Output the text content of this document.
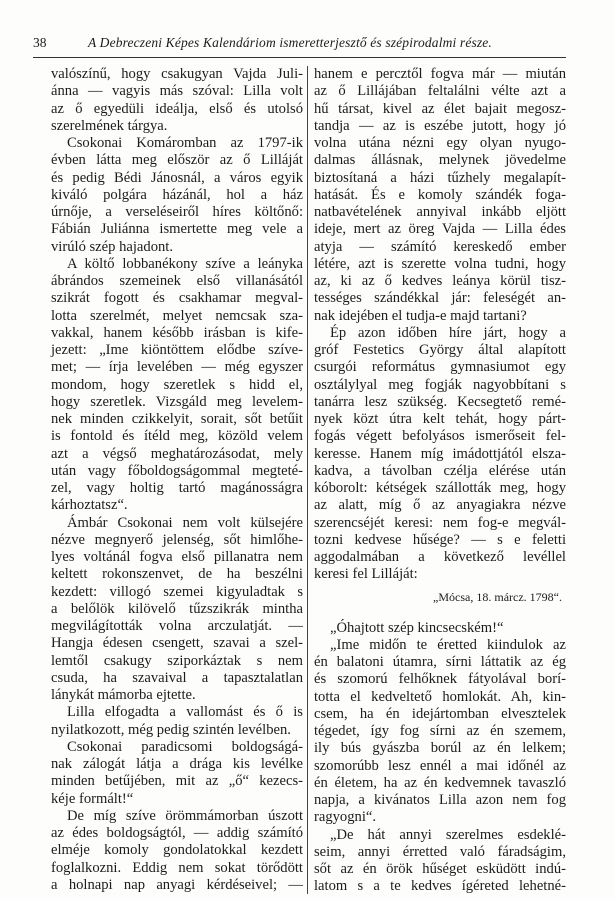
38	A Debreczeni Képes Kalendáriom ismeretterjesztő és szépirodalmi része.
valószínű, hogy csakugyan Vajda Juli-
ánna — vagyis más szóval: Lilla volt
az ő egyedüli ideálja, első és utolsó
szerelmének tárgya.
Csokonai Komáromban az 1797-ik
évben látta meg először az ő Lilláját
és pedig Bédi Jánosnál, a város egyik
kiváló polgára házánál, hol a ház
úrnője, a verseléseiről híres költőnő:
Fábián Juliánna ismertette meg vele a
virúló szép hajadont.
A költő lobbanékony szíve a leányka
ábrándos szemeinek első villanásától
szikrát fogott és csakhamar megval-
lotta szerelmét, melyet nemcsak sza-
vakkal, hanem később irásban is kife-
jezett: „Ime kiöntöttem elődbe szíve-
met; — írja levelében — még egyszer
mondom, hogy szeretlek s hidd el,
hogy szeretlek. Vizsgáld meg levelem-
nek minden czikkelyit, sorait, sőt betűit
is fontold és ítéld meg, közöld velem
azt a végső meghatározásodat, mely
után vagy főboldogságommal megteté-
zel, vagy holtig tartó magánosságra
kárhoztatsz“.
Ámbár Csokonai nem volt külsejére
nézve megnyerő jelenség, sőt himlőhe-
lyes voltánál fogva első pillanatra nem
keltett rokonszenvet, de ha beszélni
kezdett: villogó szemei kigyuladtak s
a belőlök kilövelő tűzszikrák mintha
megvilágították volna arczulatját. —
Hangja édesen csengett, szavai a szel-
lemtől csakugy sziporkáztak s nem
csuda, ha szavaival a tapasztalatlan
lánykát mámorba ejtette.
Lilla elfogadta a vallomást és ő is
nyilatkozott, még pedig szintén levélben.
Csokonai paradicsomi boldogságá-
nak zálogát látja a drága kis levélke
minden betűjében, mit az „ő“ kezecs-
kéje formált!“
De míg szíve örömmámorban úszott
az édes boldogságtól, — addig számító
elméje komoly gondolatokkal kezdett
foglalkozni. Eddig nem sokat törődött
a holnapi nap anyagi kérdéseivel; —
hanem e percztől fogva már — miután
az ő Lillájában feltalálni vélte azt a
hű társat, kivel az élet bajait megosz-
tandja — az is eszébe jutott, hogy jó
volna utána nézni egy olyan nyugo-
dalmas állásnak, melynek jövedelme
biztosítaná a házi tűzhely megalapít-
hatását. És e komoly szándék foga-
natbavételének annyival inkább eljött
ideje, mert az öreg Vajda — Lilla édes
atyja — számító kereskedő ember
létére, azt is szerette volna tudni, hogy
az, ki az ő kedves leánya körül tisz-
tességes szándékkal jár: feleségét an-
nak idejében el tudja-e majd tartani?
Ép azon időben híre járt, hogy a
gróf Festetics György által alapított
csurgói református gymnasiumot egy
osztálylyal meg fogják nagyobbítani s
tanárra lesz szükség. Kecsegtető remé-
nyek közt útra kelt tehát, hogy párt-
fogás végett befolyásos ismerőseit fel-
keresse. Hanem míg imádottjától elsza-
kadva, a távolban czélja elérése után
kóborolt: kétségek szállották meg, hogy
az alatt, míg ő az anyagiakra nézve
szerencséjét keresi: nem fog-e megvál-
tozni kedvese hűsége? — s e feletti
aggodalmában a következő levéllel
keresi fel Lilláját:
„Mócsa, 18. márcz. 1798“.
„Óhajtott szép kincsecském!“
„Ime midőn te éretted kiindulok az
én balatoni útamra, sírni láttatik az ég
és szomorú felhőknek fátyolával borí-
totta el kedveltető homlokát. Ah, kin-
csem, ha én idejártomban elvesztelek
tégedet, így fog sírni az én szemem,
ily bús gyászba borúl az én lelkem;
szomorúbb lesz ennél a mai időnél az
én életem, ha az én kedvemnek tavaszló
napja, a kivánatos Lilla azon nem fog
ragyogni“.
„De hát annyi szerelmes esdeklé-
seim, annyi érretted való fáradságim,
sőt az én örök hűséget esküdött indú-
latom s a te kedves ígéreted lehetné-
